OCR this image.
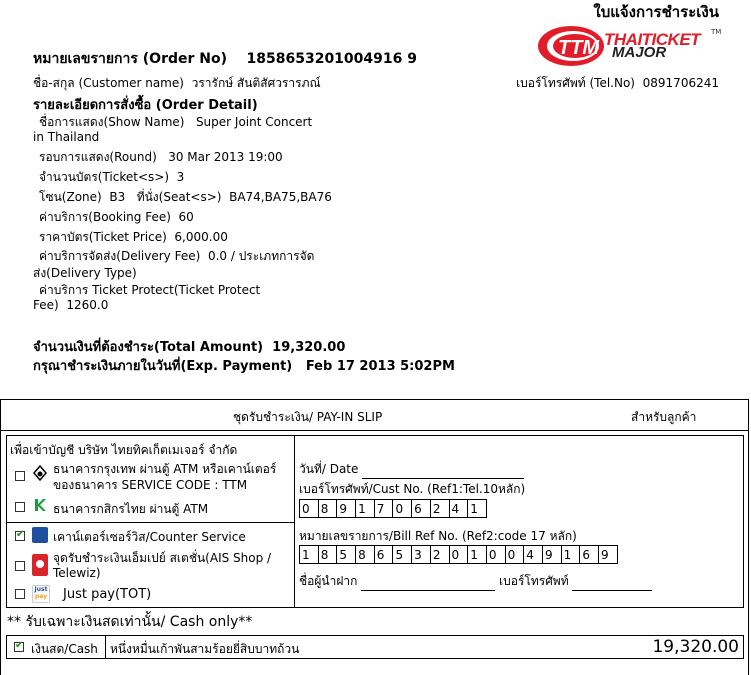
ใบแจ้งการชำระเงิน
TTM THAITICKET
MAJOR
TM
หมายเลขรายการ (Order No) 1858653201004916 9
ชื่อ-สกุล (Customer name) วรารักษ์ สันติสัศวรารภณ์	เบอร์โทรศัพท์ (Tel.No) 0891706241
รายละเอียดการสั่งซื้อ (Order Detail)
ชื่อการแสดง(Show Name) Super Joint Concert
in Thailand
รอบการแสดง(Round) 30 Mar 2013 19:00
จำนวนบัตร(Ticket<s>) 3
โซน(Zone) B3 ที่นั่ง(Seat<s>) BA74,BA75,BA76
ค่าบริการ(Booking Fee) 60
ราคาบัตร(Ticket Price) 6,000.00
ค่าบริการจัดส่ง(Delivery Fee) 0.0 / ประเภทการจัด
ส่ง(Delivery Type)
ค่าบริการ Ticket Protect(Ticket Protect
Fee) 1260.0
จำนวนเงินที่ต้องชำระ(Total Amount) 19,320.00
กรุณาชำระเงินภายในวันที่(Exp. Payment) Feb 17 2013 5:02PM
ชุดรับชำระเงิน/ PAY-IN SLIP	สำหรับลูกค้า
เพื่อเข้าบัญชี บริษัท ไทยทิคเก็ตเมเจอร์ จำกัด
ธนาคารกรุงเทพ ผ่านตู้ ATM หรือเคาน์เตอร์
ของธนาคาร SERVICE CODE : TTM
ธนาคารกสิกรไทย ผ่านตู้ ATM
✔
เคาน์เตอร์เซอร์วิส/Counter Service
จุดรับชำระเงินเอ็มเปย์ สเตชั่น(AIS Shop /
Telewiz)
Just
pay Just pay(TOT)
วันที่/ Date
เบอร์โทรศัพท์/Cust No. (Ref1:Tel.10หลัก)
0 8 9 1 7 0 6 2 4 1
หมายเลขรายการ/Bill Ref No. (Ref2:code 17 หลัก)
1 8 5 8 6 5 3 2 0 1 0 0 4 9 1 6 9
ชื่อผู้นำฝาก	เบอร์โทรศัพท์
** รับเฉพาะเงินสดเท่านั้น/ Cash only**
✔
เงินสด/Cash หนึ่งหมื่นเก้าพันสามร้อยยี่สิบบาทถ้วน	19,320.00
